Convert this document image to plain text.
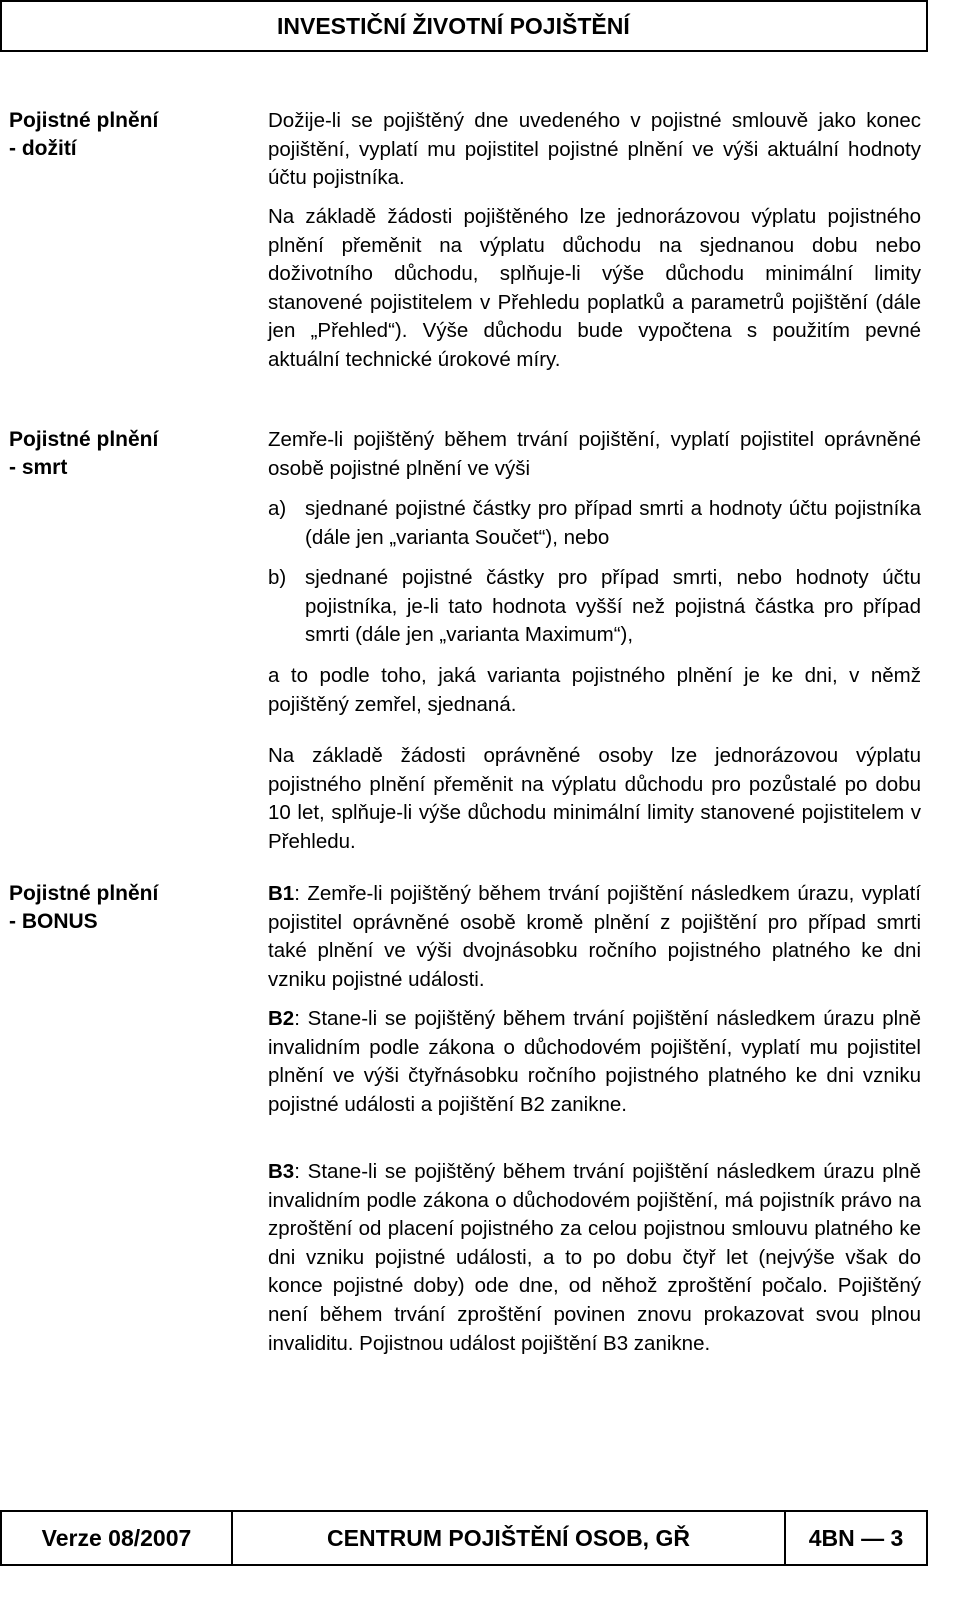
INVESTIČNÍ ŽIVOTNÍ POJIŠTĚNÍ
Pojistné plnění
- dožití
Dožije-li se pojištěný dne uvedeného v pojistné smlouvě jako konec pojištění, vyplatí mu pojistitel pojistné plnění ve výši aktuální hodnoty účtu pojistníka.
Na základě žádosti pojištěného lze jednorázovou výplatu pojistného plnění přeměnit na výplatu důchodu na sjednanou dobu nebo doživotního důchodu, splňuje-li výše důchodu minimální limity stanovené pojistitelem v Přehledu poplatků a parametrů pojištění (dále jen „Přehled“). Výše důchodu bude vypočtena s použitím pevné aktuální technické úrokové míry.
Pojistné plnění
- smrt
Zemře-li pojištěný během trvání pojištění, vyplatí pojistitel oprávněné osobě pojistné plnění ve výši
a) sjednané pojistné částky pro případ smrti a hodnoty účtu pojistníka (dále jen „varianta Součet“), nebo
b) sjednané pojistné částky pro případ smrti, nebo hodnoty účtu pojistníka, je-li tato hodnota vyšší než pojistná částka pro případ smrti (dále jen „varianta Maximum“),
a to podle toho, jaká varianta pojistného plnění je ke dni, v němž pojištěný zemřel, sjednaná.
Na základě žádosti oprávněné osoby lze jednorázovou výplatu pojistného plnění přeměnit na výplatu důchodu pro pozůstalé po dobu 10 let, splňuje-li výše důchodu minimální limity stanovené pojistitelem v Přehledu.
Pojistné plnění
- BONUS
B1: Zemře-li pojištěný během trvání pojištění následkem úrazu, vyplatí pojistitel oprávněné osobě kromě plnění z pojištění pro případ smrti také plnění ve výši dvojnásobku ročního pojistného platného ke dni vzniku pojistné události.
B2: Stane-li se pojištěný během trvání pojištění následkem úrazu plně invalidním podle zákona o důchodovém pojištění, vyplatí mu pojistitel plnění ve výši čtyřnásobku ročního pojistného platného ke dni vzniku pojistné události a pojištění B2 zanikne.
B3: Stane-li se pojištěný během trvání pojištění následkem úrazu plně invalidním podle zákona o důchodovém pojištění, má pojistník právo na zproštění od placení pojistného za celou pojistnou smlouvu platného ke dni vzniku pojistné události, a to po dobu čtyř let (nejvýše však do konce pojistné doby) ode dne, od něhož zproštění počalo. Pojištěný není během trvání zproštění povinen znovu prokazovat svou plnou invaliditu. Pojistnou událost pojištění B3 zanikne.
Verze 08/2007	CENTRUM POJIŠTĚNÍ OSOB, GŘ	4BN — 3
